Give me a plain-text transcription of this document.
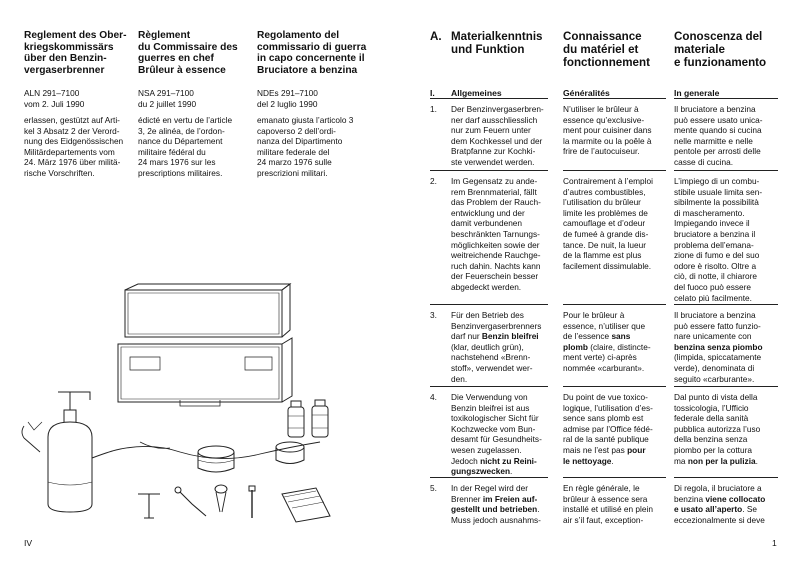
Reglement des Ober-
kriegskommissärs
über den Benzin-
vergaserbrenner
Règlement
du Commissaire des
guerres en chef
Brûleur à essence
Regolamento del
commissario di guerra
in capo concernente il
Bruciatore a benzina
ALN 291–7100
vom 2. Juli 1990
NSA 291–7100
du 2 juillet 1990
NDEs 291–7100
del 2 luglio 1990
erlassen, gestützt auf Arti-
kel 3 Absatz 2 der Verord-
nung des Eidgenössischen
Militärdepartements vom
24. März 1976 über militä-
rische Vorschriften.
édicté en vertu de l’article
3, 2e alinéa, de l’ordon-
nance du Département
militaire fédéral du
24 mars 1976 sur les
prescriptions militaires.
emanato giusta l’articolo 3
capoverso 2 dell’ordi-
nanza del Dipartimento
militare federale del
24 marzo 1976 sulle
prescrizioni militari.
IV
A. Materialkenntnis
und Funktion
Connaissance
du matériel et
fonctionnement
Conoscenza del
materiale
e funzionamento
I. Allgemeines	Généralités	In generale
1. Der Benzinvergaserbren-
ner darf ausschliesslich
nur zum Feuern unter
dem Kochkessel und der
Bratpfanne zur Kochki-
ste verwendet werden.
N’utiliser le brûleur à
essence qu’exclusive-
ment pour cuisiner dans
la marmite ou la poêle à
frire de l’autocuiseur.
Il bruciatore a benzina
può essere usato unica-
mente quando si cucina
nelle marmitte e nelle
pentole per arrosti delle
casse di cucina.
2. Im Gegensatz zu ande-
rem Brennmaterial, fällt
das Problem der Rauch-
entwicklung und der
damit verbundenen
beschränkten Tarnungs-
möglichkeiten sowie der
weitreichende Rauchge-
ruch dahin. Nachts kann
der Feuerschein besser
abgedeckt werden.
Contrairement à l’emploi
d’autres combustibles,
l’utilisation du brûleur
limite les problèmes de
camouflage et d’odeur
de fumeé à grande dis-
tance. De nuit, la lueur
de la flamme est plus
facilement dissimulable.
L’impiego di un combu-
stibile usuale limita sen-
sibilmente la possibilità
di mascheramento.
Impiegando invece il
bruciatore a benzina il
problema dell’emana-
zione di fumo e del suo
odore è risolto. Oltre a
ciò, di notte, il chiarore
del fuoco può essere
celato più facilmente.
3. Für den Betrieb des
Benzinvergaserbrenners
darf nur Benzin bleifrei
(klar, deutlich grün),
nachstehend «Brenn-
stoff», verwendet wer-
den.
Pour le brûleur à
essence, n’utiliser que
de l’essence sans
plomb (claire, distincte-
ment verte) ci-après
nommée «carburant».
Il bruciatore a benzina
può essere fatto funzio-
nare unicamente con
benzina senza piombo
(limpida, spiccatamente
verde), denominata di
seguito «carburante».
4. Die Verwendung von
Benzin bleifrei ist aus
toxikologischer Sicht für
Kochzwecke vom Bun-
desamt für Gesundheits-
wesen zugelassen.
Jedoch nicht zu Reini-
gungszwecken.
Du point de vue toxico-
logique, l’utilisation d’es-
sence sans plomb est
admise par l’Office fédé-
ral de la santé publique
mais ne l’est pas pour
le nettoyage.
Dal punto di vista della
tossicologia, l’Ufficio
federale della sanità
pubblica autorizza l’uso
della benzina senza
piombo per la cottura
ma non per la pulizia.
5. In der Regel wird der
Brenner im Freien auf-
gestellt und betrieben.
Muss jedoch ausnahms-
En règle générale, le
brûleur à essence sera
installé et utilisé en plein
air s’il faut, exception-
Di regola, il bruciatore a
benzina viene collocato
e usato all’aperto. Se
eccezionalmente si deve
1
